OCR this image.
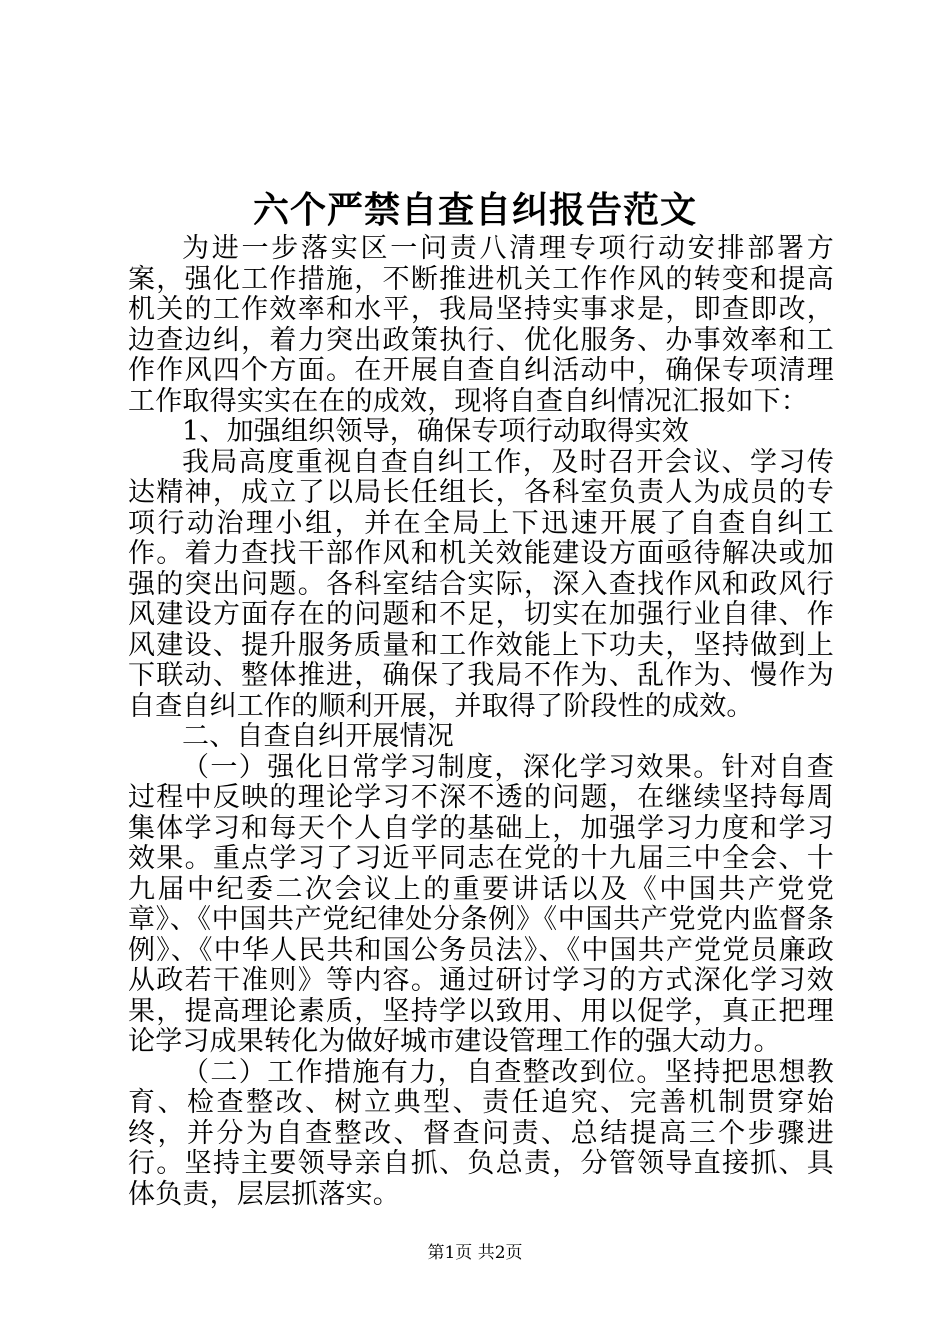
六个严禁自查自纠报告范文

为进一步落实区一问责八清理专项行动安排部署方案，强化工作措施，不断推进机关工作作风的转变和提高机关的工作效率和水平，我局坚持实事求是，即查即改，边查边纠，着力突出政策执行、优化服务、办事效率和工作作风四个方面。在开展自查自纠活动中，确保专项清理工作取得实实在在的成效，现将自查自纠情况汇报如下：

1、加强组织领导，确保专项行动取得实效

我局高度重视自查自纠工作，及时召开会议、学习传达精神，成立了以局长任组长，各科室负责人为成员的专项行动治理小组，并在全局上下迅速开展了自查自纠工作。着力查找干部作风和机关效能建设方面亟待解决或加强的突出问题。各科室结合实际，深入查找作风和政风行风建设方面存在的问题和不足，切实在加强行业自律、作风建设、提升服务质量和工作效能上下功夫，坚持做到上下联动、整体推进，确保了我局不作为、乱作为、慢作为自查自纠工作的顺利开展，并取得了阶段性的成效。

二、自查自纠开展情况

（一）强化日常学习制度，深化学习效果。针对自查过程中反映的理论学习不深不透的问题，在继续坚持每周集体学习和每天个人自学的基础上，加强学习力度和学习效果。重点学习了习近平同志在党的十九届三中全会、十九届中纪委二次会议上的重要讲话以及《中国共产党党章》、《中国共产党纪律处分条例》《中国共产党党内监督条例》、《中华人民共和国公务员法》、《中国共产党党员廉政从政若干准则》等内容。通过研讨学习的方式深化学习效果，提高理论素质，坚持学以致用、用以促学，真正把理论学习成果转化为做好城市建设管理工作的强大动力。

（二）工作措施有力，自查整改到位。坚持把思想教育、检查整改、树立典型、责任追究、完善机制贯穿始终，并分为自查整改、督查问责、总结提高三个步骤进行。坚持主要领导亲自抓、负总责，分管领导直接抓、具体负责，层层抓落实。

第1页 共2页
